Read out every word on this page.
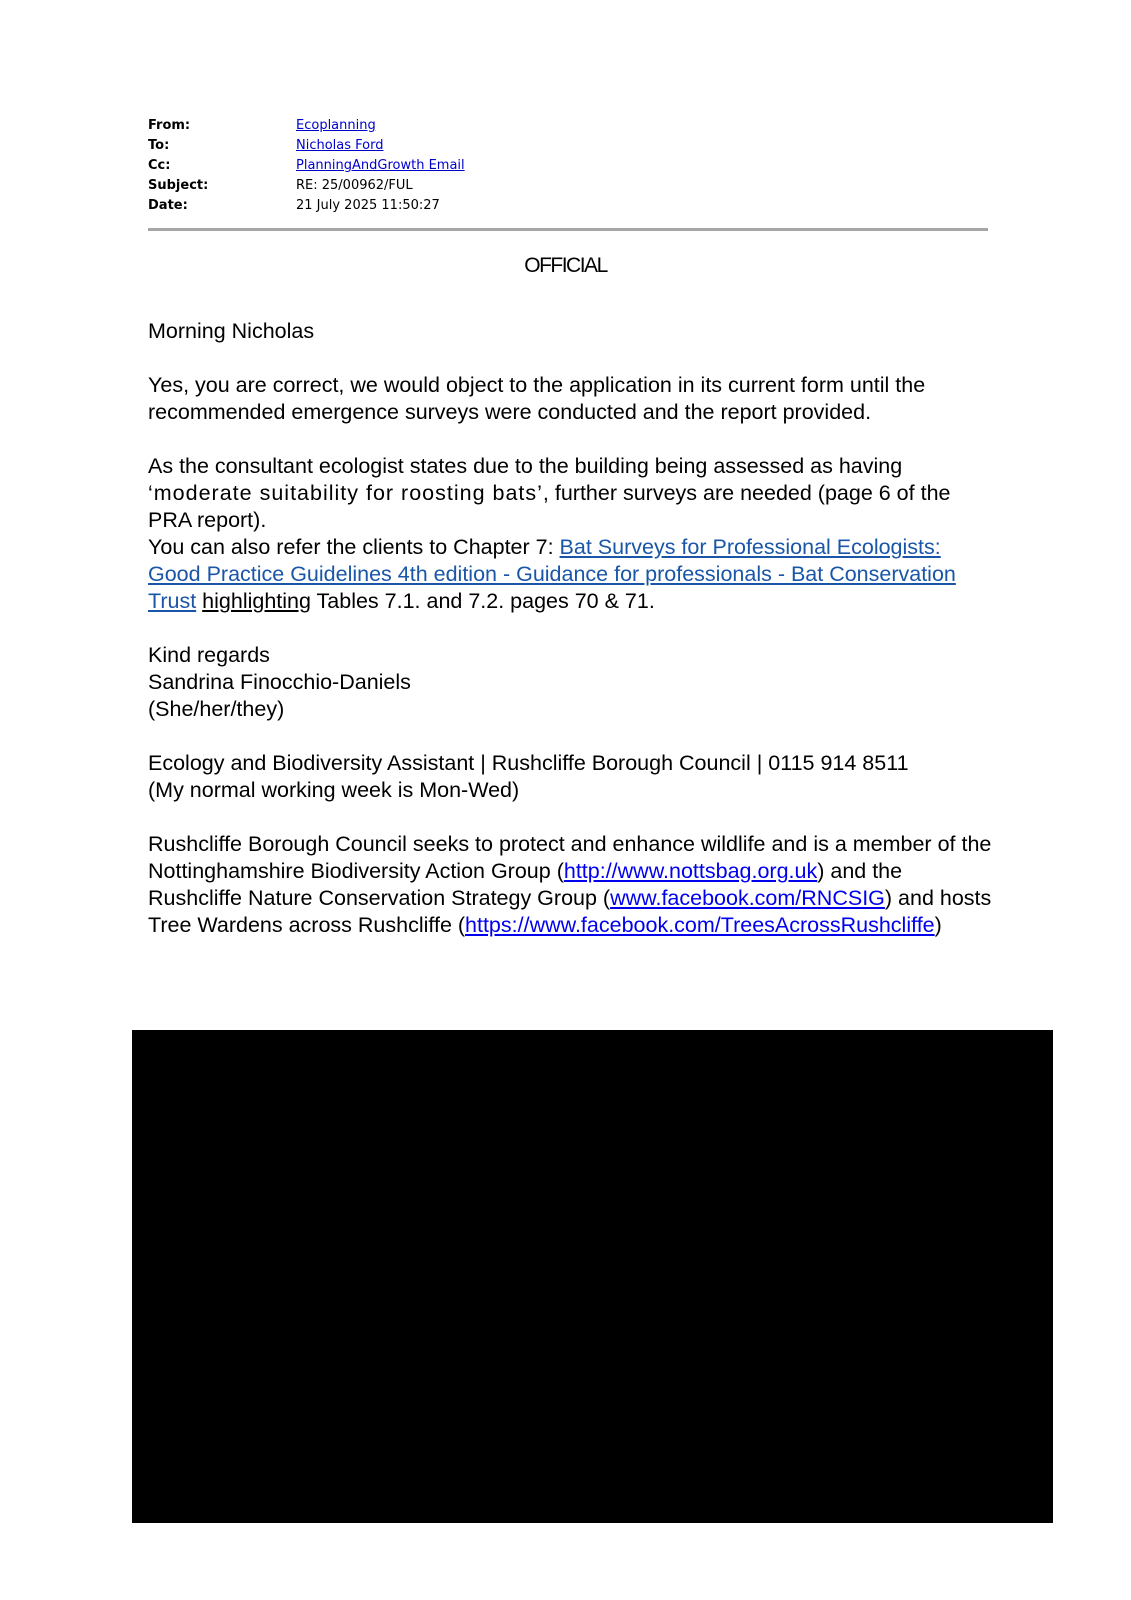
From:	Ecoplanning
To:	Nicholas Ford
Cc:	PlanningAndGrowth Email
Subject:	RE: 25/00962/FUL
Date:	21 July 2025 11:50:27
OFFICIAL

Morning Nicholas

Yes, you are correct, we would object to the application in its current form until the recommended emergence surveys were conducted and the report provided.

As the consultant ecologist states due to the building being assessed as having ‘moderate suitability for roosting bats’, further surveys are needed (page 6 of the PRA report).
You can also refer the clients to Chapter 7: Bat Surveys for Professional Ecologists: Good Practice Guidelines 4th edition - Guidance for professionals - Bat Conservation Trust highlighting Tables 7.1. and 7.2. pages 70 & 71.

Kind regards
Sandrina Finocchio-Daniels
(She/her/they)

Ecology and Biodiversity Assistant | Rushcliffe Borough Council | 0115 914 8511
(My normal working week is Mon-Wed)

Rushcliffe Borough Council seeks to protect and enhance wildlife and is a member of the Nottinghamshire Biodiversity Action Group (http://www.nottsbag.org.uk) and the Rushcliffe Nature Conservation Strategy Group (www.facebook.com/RNCSIG) and hosts Tree Wardens across Rushcliffe (https://www.facebook.com/TreesAcrossRushcliffe)
